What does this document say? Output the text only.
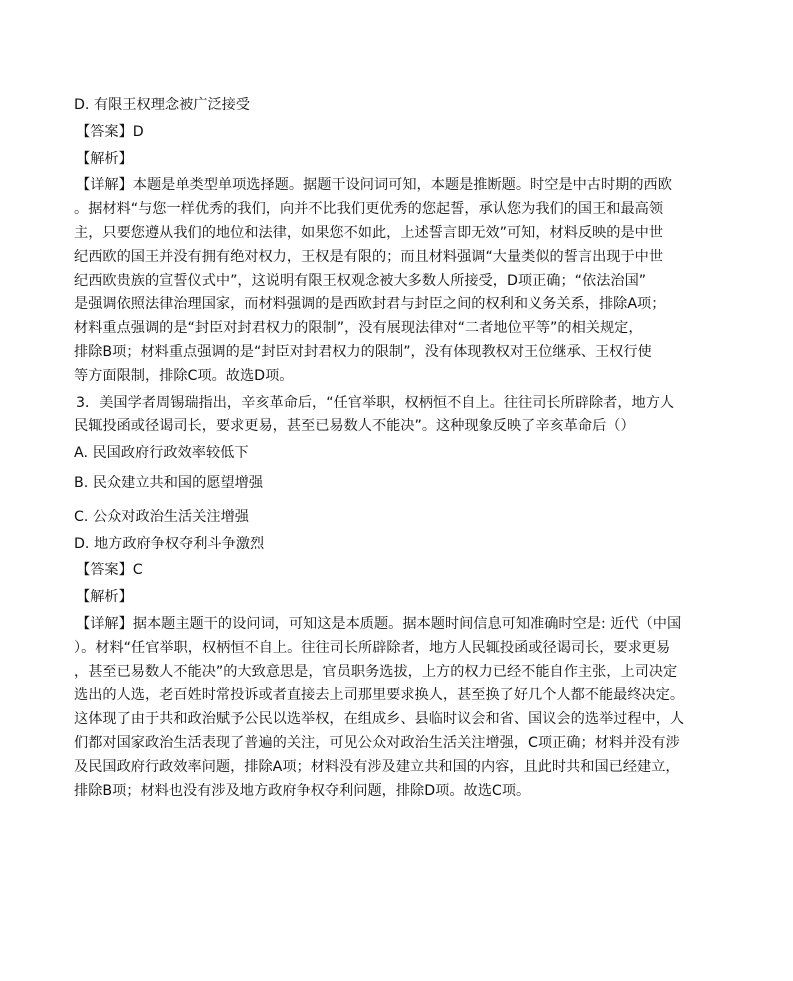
D. 有限王权理念被广泛接受
【答案】D
【解析】
【详解】本题是单类型单项选择题。据题干设问词可知，本题是推断题。时空是中古时期的西欧
。据材料“与您一样优秀的我们，向并不比我们更优秀的您起誓，承认您为我们的国王和最高领
主，只要您遵从我们的地位和法律，如果您不如此，上述誓言即无效”可知，材料反映的是中世
纪西欧的国王并没有拥有绝对权力，王权是有限的；而且材料强调“大量类似的誓言出现于中世
纪西欧贵族的宣誓仪式中”，这说明有限王权观念被大多数人所接受，D项正确；“依法治国”
是强调依照法律治理国家，而材料强调的是西欧封君与封臣之间的权利和义务关系，排除A项；
材料重点强调的是“封臣对封君权力的限制”，没有展现法律对“二者地位平等”的相关规定，
排除B项；材料重点强调的是“封臣对封君权力的限制”，没有体现教权对王位继承、王权行使
等方面限制，排除C项。故选D项。
3．美国学者周锡瑞指出，辛亥革命后，“任官举职，权柄恒不自上。往往司长所辟除者，地方人
民辄投函或径谒司长，要求更易，甚至已易数人不能决”。这种现象反映了辛亥革命后（）
A. 民国政府行政效率较低下
B. 民众建立共和国的愿望增强
C. 公众对政治生活关注增强
D. 地方政府争权夺利斗争激烈
【答案】C
【解析】
【详解】据本题主题干的设问词，可知这是本质题。据本题时间信息可知准确时空是: 近代（中国
）。材料“任官举职，权柄恒不自上。往往司长所辟除者，地方人民辄投函或径谒司长，要求更易
，甚至已易数人不能决”的大致意思是，官员职务选拔，上方的权力已经不能自作主张，上司决定
选出的人选，老百姓时常投诉或者直接去上司那里要求换人，甚至换了好几个人都不能最终决定。
这体现了由于共和政治赋予公民以选举权，在组成乡、县临时议会和省、国议会的选举过程中，人
们都对国家政治生活表现了普遍的关注，可见公众对政治生活关注增强，C项正确；材料并没有涉
及民国政府行政效率问题，排除A项；材料没有涉及建立共和国的内容，且此时共和国已经建立，
排除B项；材料也没有涉及地方政府争权夺利问题，排除D项。故选C项。
